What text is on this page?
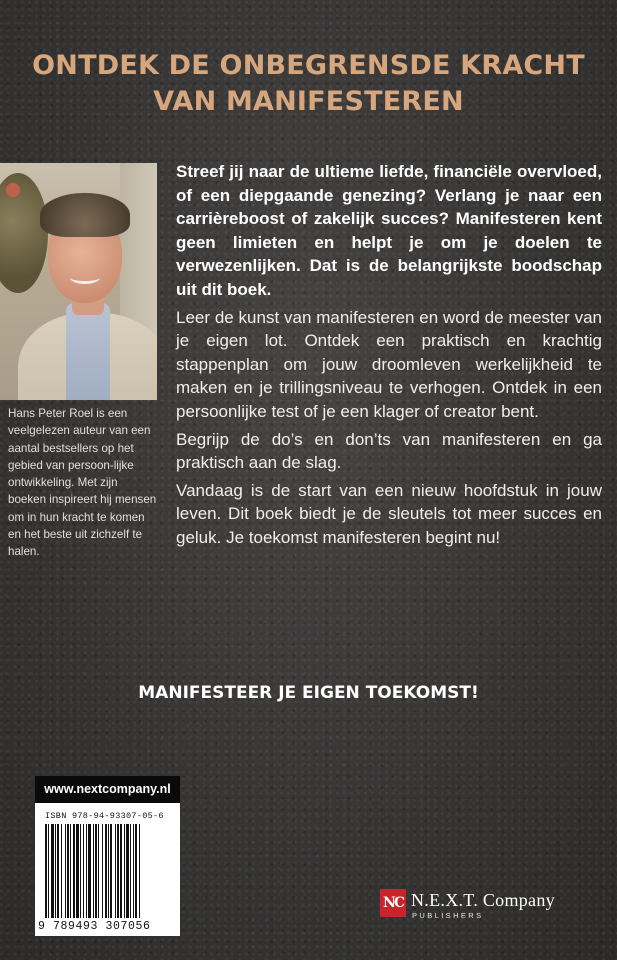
ONTDEK DE ONBEGRENSDE KRACHT
VAN MANIFESTEREN
Hans Peter Roel is een veelgelezen auteur van een aantal bestsellers op het gebied van persoon-lijke ontwikkeling. Met zijn boeken inspireert hij mensen om in hun kracht te komen en het beste uit zichzelf te halen.

Streef jij naar de ultieme liefde, financiële overvloed, of een diepgaande genezing? Verlang je naar een carrièreboost of zakelijk succes? Manifesteren kent geen limieten en helpt je om je doelen te verwezenlijken. Dat is de belangrijkste boodschap uit dit boek.

Leer de kunst van manifesteren en word de meester van je eigen lot. Ontdek een praktisch en krachtig stappenplan om jouw droomleven werkelijkheid te maken en je trillingsniveau te verhogen. Ontdek in een persoonlijke test of je een klager of creator bent.

Begrijp de do’s en don’ts van manifesteren en ga praktisch aan de slag.

Vandaag is de start van een nieuw hoofdstuk in jouw leven. Dit boek biedt je de sleutels tot meer succes en geluk. Je toekomst manifesteren begint nu!

MANIFESTEER JE EIGEN TOEKOMST!
www.nextcompany.nl
ISBN 978-94-93307-05-6
9 789493 307056
NC N.E.X.T. Company
PUBLISHERS
